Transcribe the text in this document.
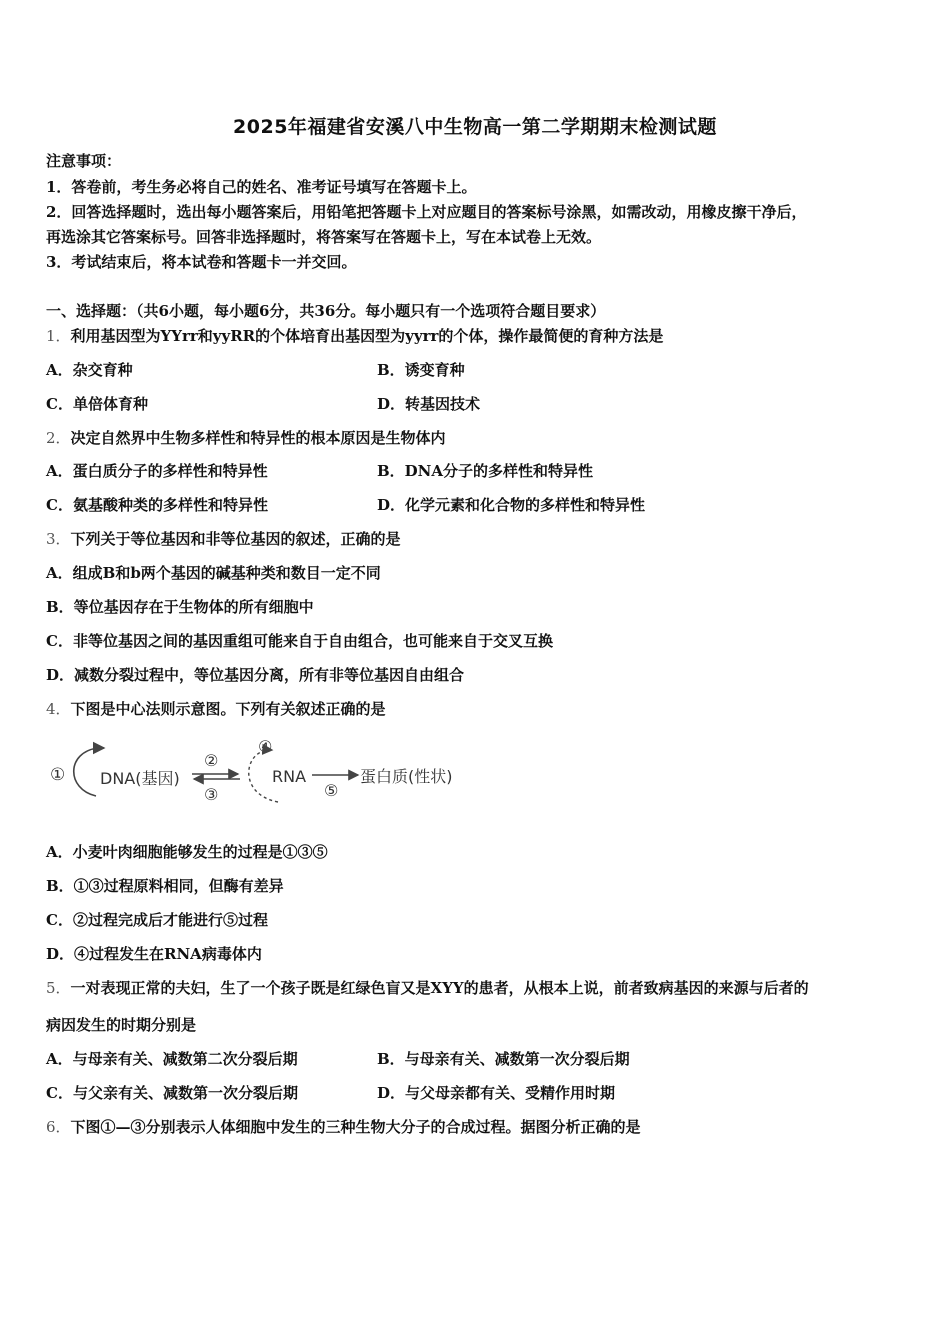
2025年福建省安溪八中生物高一第二学期期末检测试题
注意事项：
1．答卷前，考生务必将自己的姓名、准考证号填写在答题卡上。
2．回答选择题时，选出每小题答案后，用铅笔把答题卡上对应题目的答案标号涂黑，如需改动，用橡皮擦干净后，
再选涂其它答案标号。回答非选择题时，将答案写在答题卡上，写在本试卷上无效。
3．考试结束后，将本试卷和答题卡一并交回。
一、选择题：（共6小题，每小题6分，共36分。每小题只有一个选项符合题目要求）
1．利用基因型为YYrr和yyRR的个体培育出基因型为yyrr的个体，操作最简便的育种方法是
A．杂交育种	B．诱变育种
C．单倍体育种	D．转基因技术
2．决定自然界中生物多样性和特异性的根本原因是生物体内
A．蛋白质分子的多样性和特异性	B．DNA分子的多样性和特异性
C．氨基酸种类的多样性和特异性	D．化学元素和化合物的多样性和特异性
3．下列关于等位基因和非等位基因的叙述，正确的是
A．组成B和b两个基因的碱基种类和数目一定不同
B．等位基因存在于生物体的所有细胞中
C．非等位基因之间的基因重组可能来自于自由组合，也可能来自于交叉互换
D．减数分裂过程中，等位基因分离，所有非等位基因自由组合
4．下图是中心法则示意图。下列有关叙述正确的是
① DNA(基因)
②
③
④
RNA
⑤
蛋白质(性状)
A．小麦叶肉细胞能够发生的过程是①③⑤
B．①③过程原料相同，但酶有差异
C．②过程完成后才能进行⑤过程
D．④过程发生在RNA病毒体内
5．一对表现正常的夫妇，生了一个孩子既是红绿色盲又是XYY的患者，从根本上说，前者致病基因的来源与后者的
病因发生的时期分别是
A．与母亲有关、减数第二次分裂后期	B．与母亲有关、减数第一次分裂后期
C．与父亲有关、减数第一次分裂后期	D．与父母亲都有关、受精作用时期
6．下图①—③分别表示人体细胞中发生的三种生物大分子的合成过程。据图分析正确的是
